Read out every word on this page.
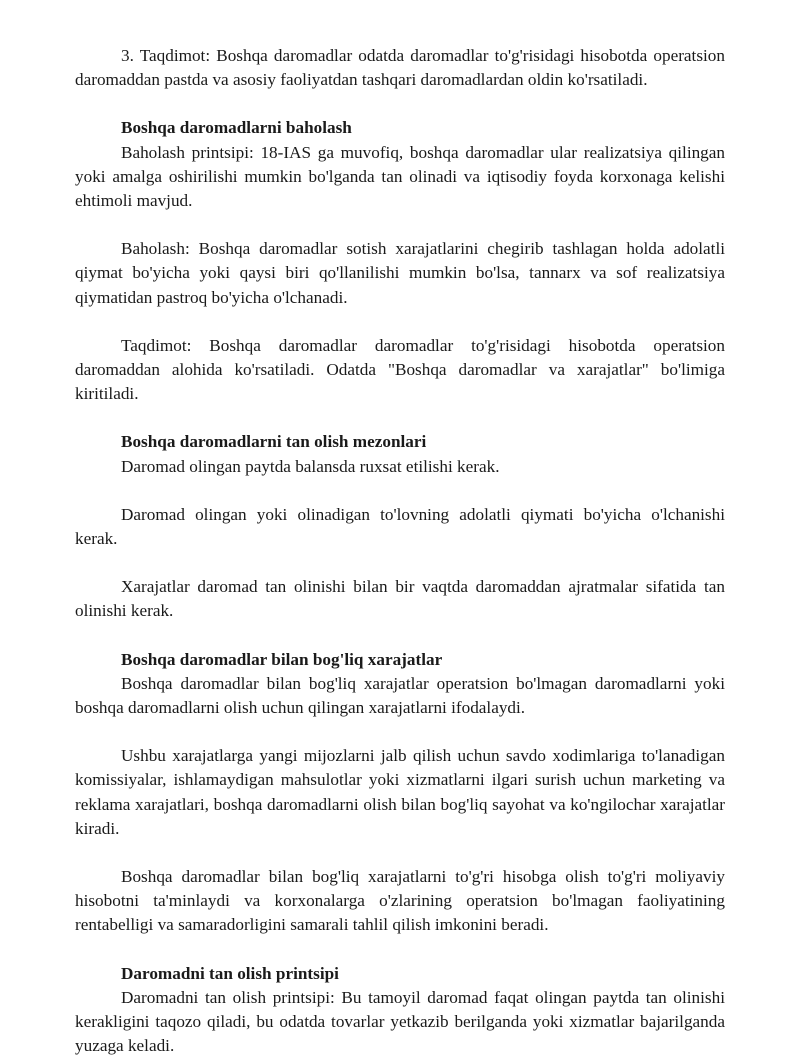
3. Taqdimot: Boshqa daromadlar odatda daromadlar to'g'risidagi hisobotda operatsion daromaddan pastda va asosiy faoliyatdan tashqari daromadlardan oldin ko'rsatiladi.

Boshqa daromadlarni baholash

Baholash printsipi: 18-IAS ga muvofiq, boshqa daromadlar ular realizatsiya qilingan yoki amalga oshirilishi mumkin bo'lganda tan olinadi va iqtisodiy foyda korxonaga kelishi ehtimoli mavjud.

Baholash: Boshqa daromadlar sotish xarajatlarini chegirib tashlagan holda adolatli qiymat bo'yicha yoki qaysi biri qo'llanilishi mumkin bo'lsa, tannarx va sof realizatsiya qiymatidan pastroq bo'yicha o'lchanadi.

Taqdimot: Boshqa daromadlar daromadlar to'g'risidagi hisobotda operatsion daromaddan alohida ko'rsatiladi. Odatda "Boshqa daromadlar va xarajatlar" bo'limiga kiritiladi.

Boshqa daromadlarni tan olish mezonlari

Daromad olingan paytda balansda ruxsat etilishi kerak.

Daromad olingan yoki olinadigan to'lovning adolatli qiymati bo'yicha o'lchanishi kerak.

Xarajatlar daromad tan olinishi bilan bir vaqtda daromaddan ajratmalar sifatida tan olinishi kerak.

Boshqa daromadlar bilan bog'liq xarajatlar

Boshqa daromadlar bilan bog'liq xarajatlar operatsion bo'lmagan daromadlarni yoki boshqa daromadlarni olish uchun qilingan xarajatlarni ifodalaydi.

Ushbu xarajatlarga yangi mijozlarni jalb qilish uchun savdo xodimlariga to'lanadigan komissiyalar, ishlamaydigan mahsulotlar yoki xizmatlarni ilgari surish uchun marketing va reklama xarajatlari, boshqa daromadlarni olish bilan bog'liq sayohat va ko'ngilochar xarajatlar kiradi.

Boshqa daromadlar bilan bog'liq xarajatlarni to'g'ri hisobga olish to'g'ri moliyaviy hisobotni ta'minlaydi va korxonalarga o'zlarining operatsion bo'lmagan faoliyatining rentabelligi va samaradorligini samarali tahlil qilish imkonini beradi.

Daromadni tan olish printsipi

Daromadni tan olish printsipi: Bu tamoyil daromad faqat olingan paytda tan olinishi kerakligini taqozo qiladi, bu odatda tovarlar yetkazib berilganda yoki xizmatlar bajarilganda yuzaga keladi.
